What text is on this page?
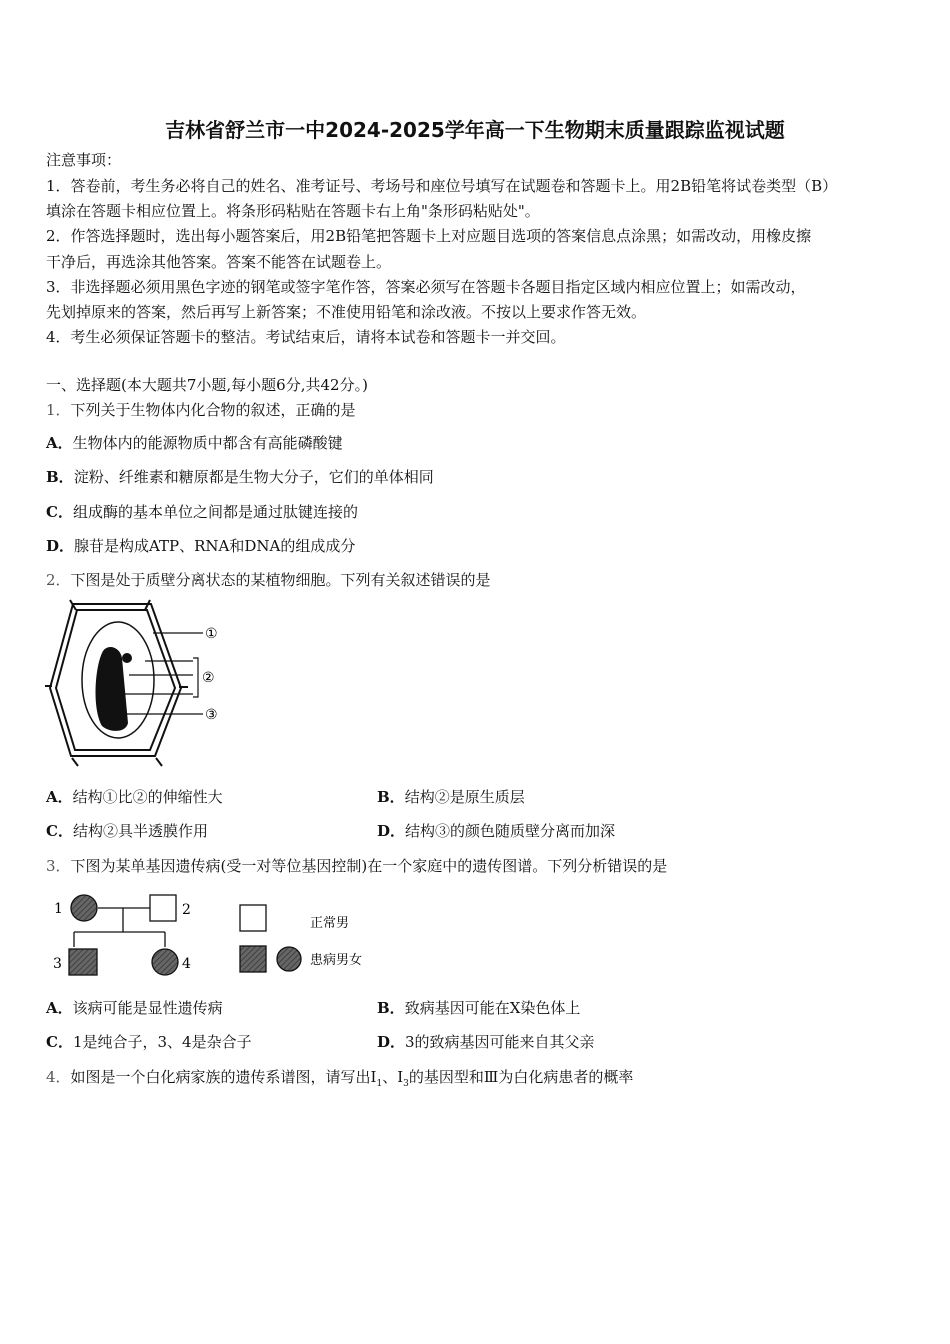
吉林省舒兰市一中2024-2025学年高一下生物期末质量跟踪监视试题
注意事项：
1．答卷前，考生务必将自己的姓名、准考证号、考场号和座位号填写在试题卷和答题卡上。用2B铅笔将试卷类型（B）
填涂在答题卡相应位置上。将条形码粘贴在答题卡右上角"条形码粘贴处"。
2．作答选择题时，选出每小题答案后，用2B铅笔把答题卡上对应题目选项的答案信息点涂黑；如需改动，用橡皮擦
干净后，再选涂其他答案。答案不能答在试题卷上。
3．非选择题必须用黑色字迹的钢笔或签字笔作答，答案必须写在答题卡各题目指定区域内相应位置上；如需改动，
先划掉原来的答案，然后再写上新答案；不准使用铅笔和涂改液。不按以上要求作答无效。
4．考生必须保证答题卡的整洁。考试结束后，请将本试卷和答题卡一并交回。
一、选择题(本大题共7小题,每小题6分,共42分。)
1．下列关于生物体内化合物的叙述，正确的是
A．生物体内的能源物质中都含有高能磷酸键
B．淀粉、纤维素和糖原都是生物大分子，它们的单体相同
C．组成酶的基本单位之间都是通过肽键连接的
D．腺苷是构成ATP、RNA和DNA的组成成分
2．下图是处于质壁分离状态的某植物细胞。下列有关叙述错误的是
①
②
③
A．结构①比②的伸缩性大	B．结构②是原生质层
C．结构②具半透膜作用	D．结构③的颜色随质壁分离而加深
3．下图为某单基因遗传病(受一对等位基因控制)在一个家庭中的遗传图谱。下列分析错误的是
1	2
3	4
正常男
患病男女
A．该病可能是显性遗传病	B．致病基因可能在X染色体上
C．1是纯合子，3、4是杂合子	D．3的致病基因可能来自其父亲
4．如图是一个白化病家族的遗传系谱图，请写出$Ⅰ_1$、$Ⅰ_3$的基因型和Ⅲ为白化病患者的概率
